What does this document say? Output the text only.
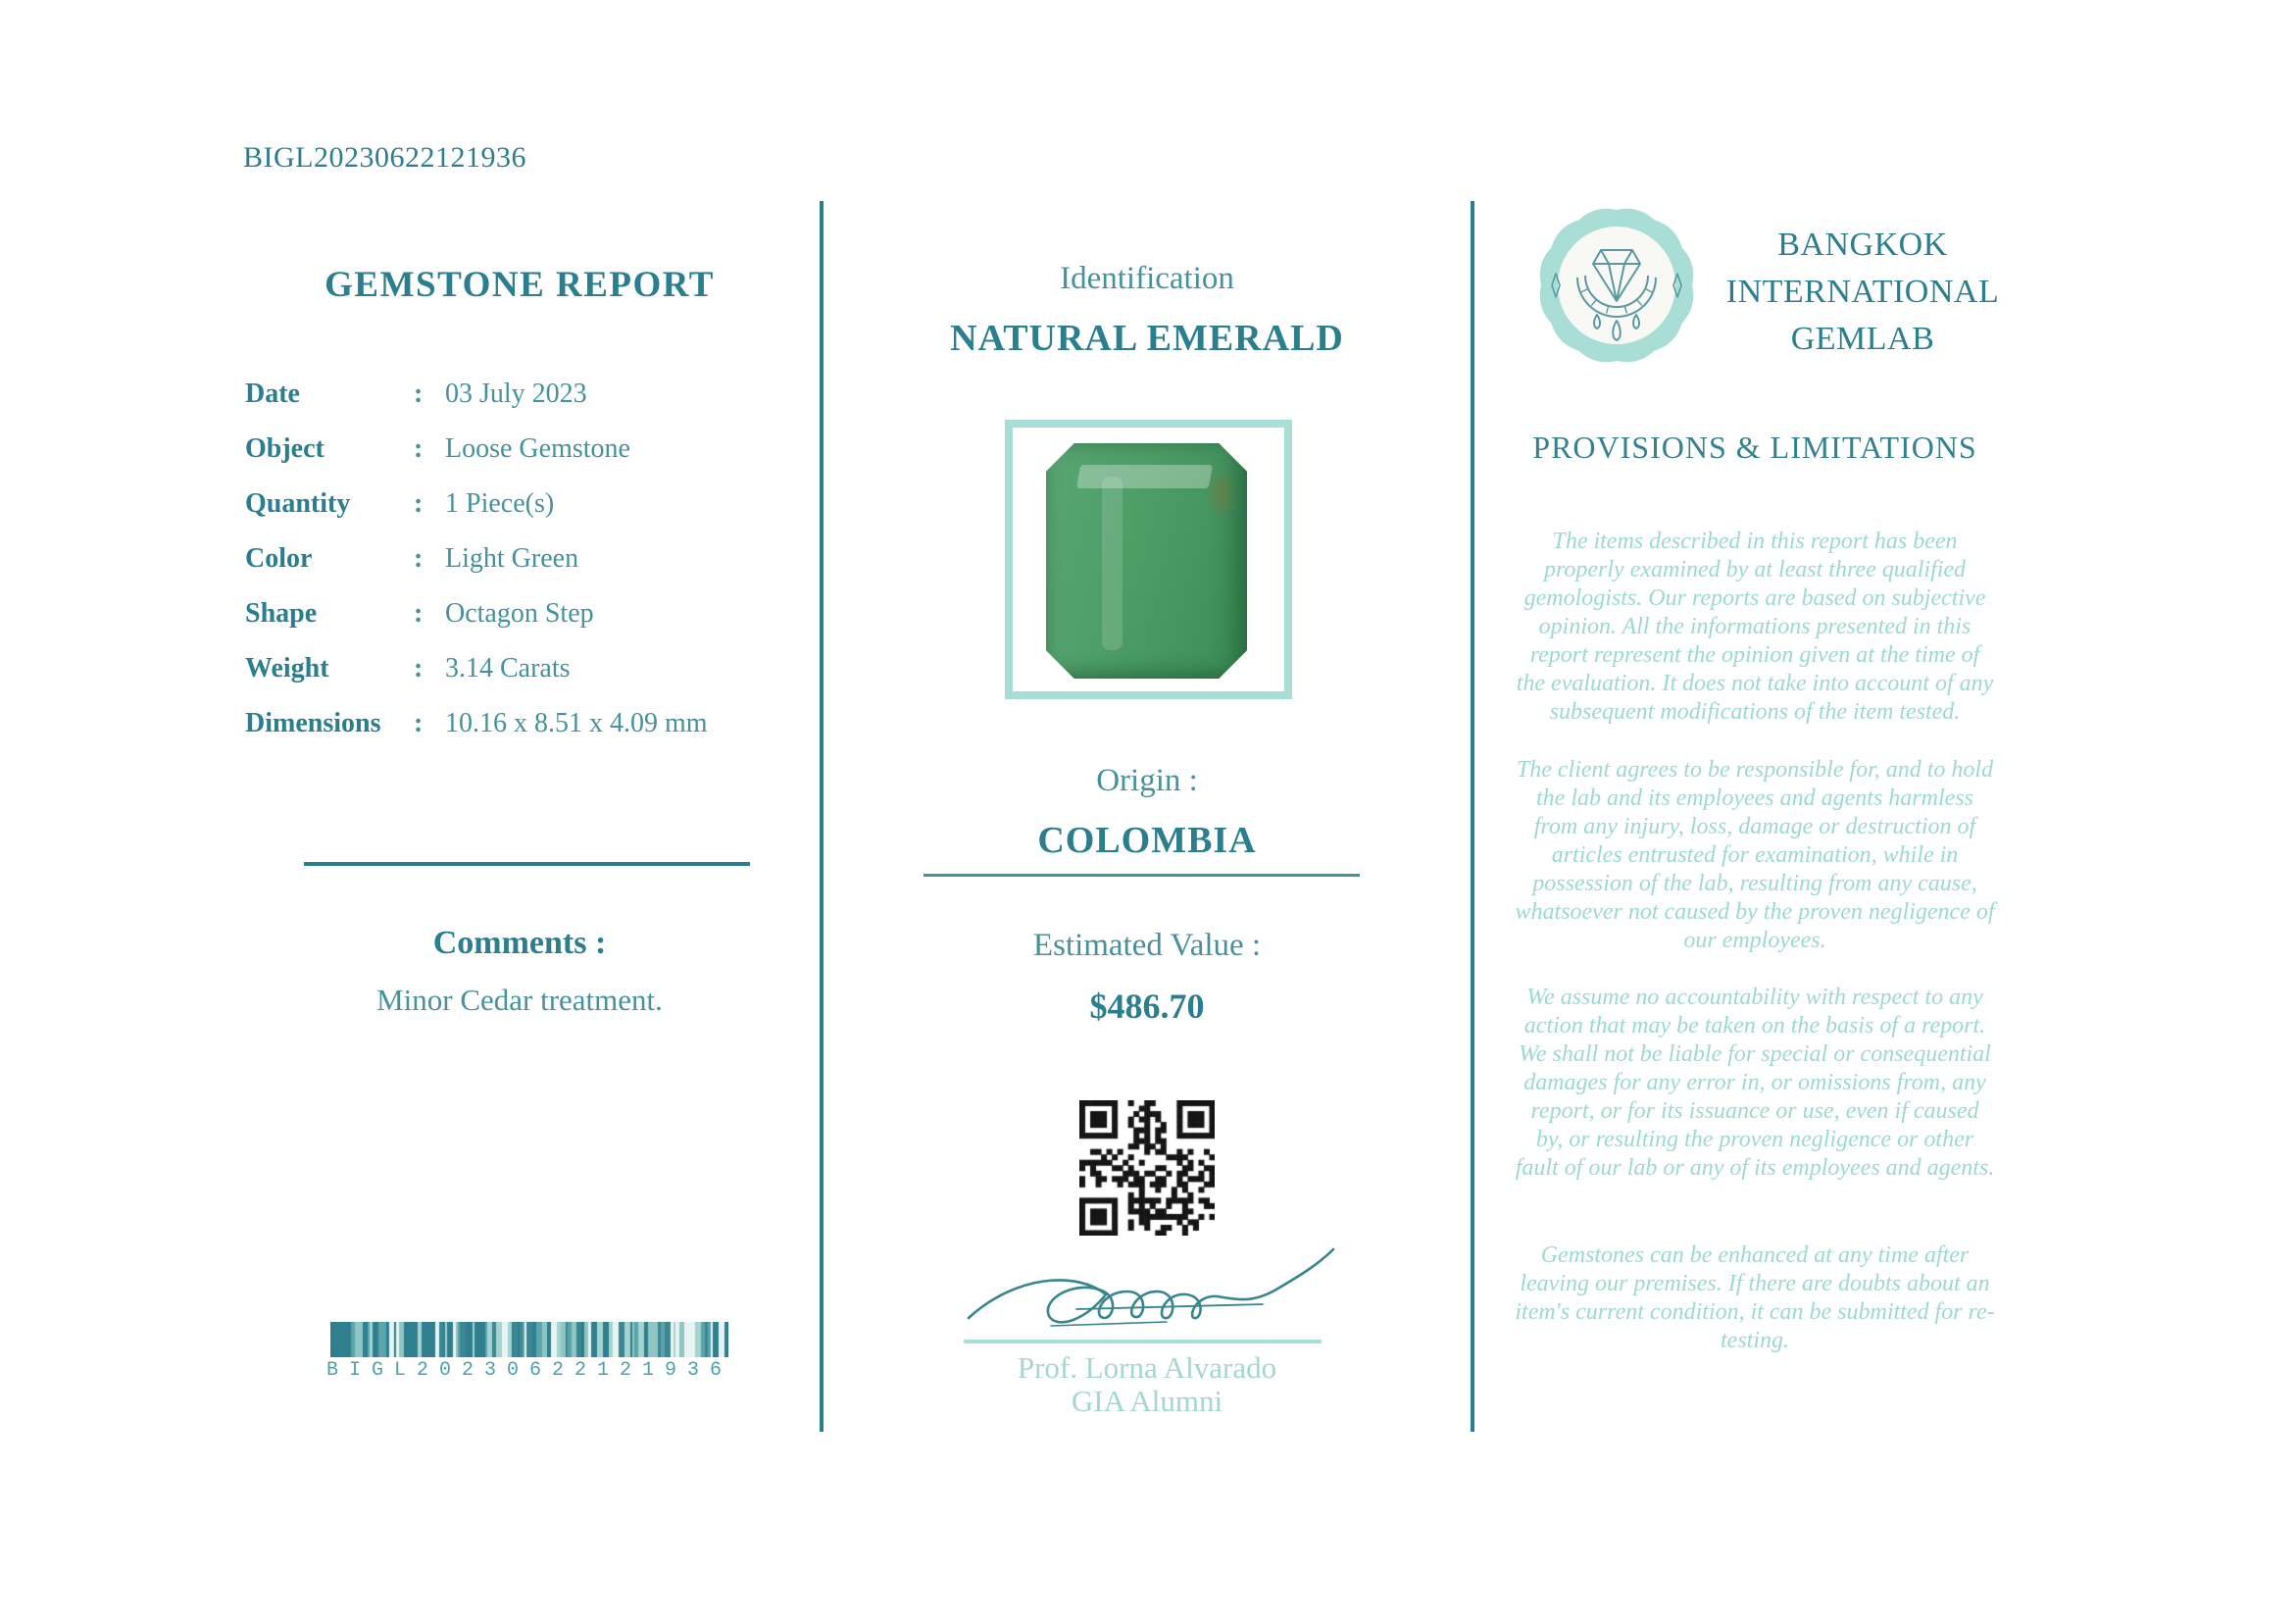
BIGL20230622121936
GEMSTONE REPORT
Date	: 03 July 2023
Object	: Loose Gemstone
Quantity	: 1 Piece(s)
Color	: Light Green
Shape	: Octagon Step
Weight	: 3.14 Carats
Dimensions	: 10.16 x 8.51 x 4.09 mm
Comments :
Minor Cedar treatment.
BIGL20230622121936
Identification
NATURAL EMERALD
Origin :
COLOMBIA
Estimated Value :
$486.70
Prof. Lorna Alvarado
GIA Alumni
BANGKOK
INTERNATIONAL
GEMLAB
PROVISIONS & LIMITATIONS
The items described in this report has been properly examined by at least three qualified gemologists. Our reports are based on subjective opinion. All the informations presented in this report represent the opinion given at the time of the evaluation. It does not take into account of any subsequent modifications of the item tested.
The client agrees to be responsible for, and to hold the lab and its employees and agents harmless from any injury, loss, damage or destruction of articles entrusted for examination, while in possession of the lab, resulting from any cause, whatsoever not caused by the proven negligence of our employees.
We assume no accountability with respect to any action that may be taken on the basis of a report. We shall not be liable for special or consequential damages for any error in, or omissions from, any report, or for its issuance or use, even if caused by, or resulting the proven negligence or other fault of our lab or any of its employees and agents.
Gemstones can be enhanced at any time after leaving our premises. If there are doubts about an item's current condition, it can be submitted for re-testing.
